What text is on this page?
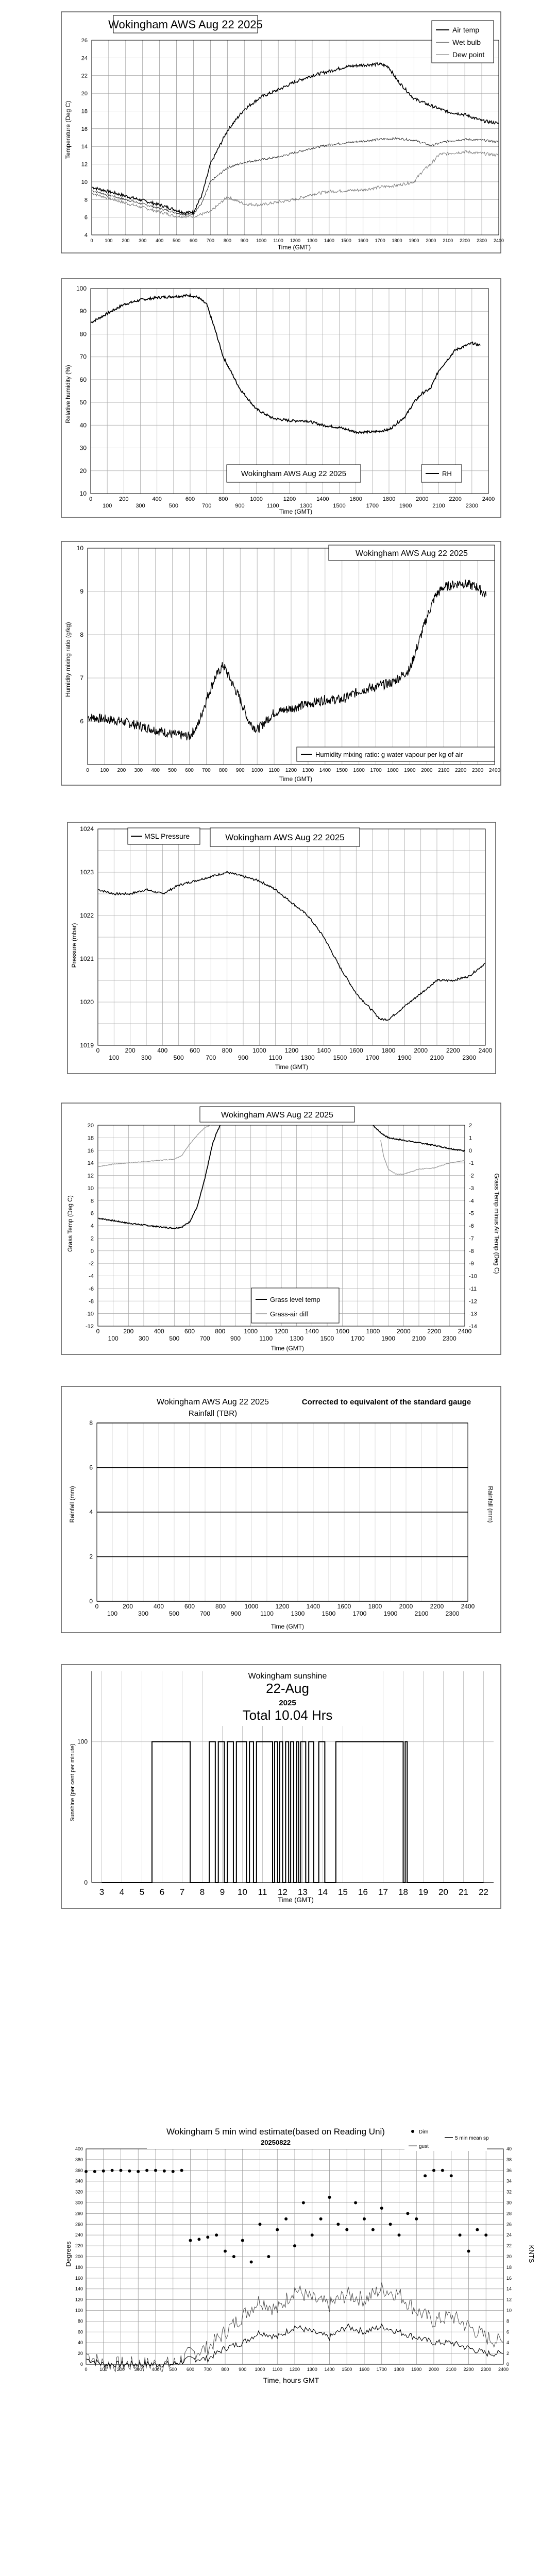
4
6
8
10
12
14
16
18
20
22
24
26
0	100 200 300 400 500 600 700 800 900 1000 1100 1200 1300 1400 1500 1600 1700 1800 1900 2000 2100 2200 2300 2400
Wokingham AWS Aug 22 2025
Temperature (Deg C)
Time (GMT)
Air temp
Wet bulb
Dew point
10
20
30
40
50
60
70
80
90
100
0	200	400	600	800	1000	1200	1400	1600	1800	2000	2200	2400
100	300	500	700	900	1100	1300	1500	1700	1900	2100	2300
Wokingham AWS Aug 22 2025	RH
Relative humidity (%)
Time (GMT)
6
7
8
9
10
0 100 200 300 400 500 600 700 800 900 1000 1100 1200 1300 1400 1500 1600 1700 1800 1900 2000 2100 2200 2300 2400
Wokingham AWS Aug 22 2025
Humidity mixing ratio: g water vapour per kg of air
Humidity mixing ratio (g/kg)
Time (GMT)
1019
1020
1021
1022
1023
1024
0	200	400	600	800	1000	1200	1400	1600	1800	2000	2200	2400
100	300	500	700	900	1100	1300	1500	1700	1900	2100	2300
MSL Pressure	Wokingham AWS Aug 22 2025
Pressure (mbar)
Time (GMT)
-12
-10
-8
-6
-4
-2
0
2
4
6
8
10
12
14
16
18
20
-14
-13
-12
-11
-10
-9
-8
-7
-6
-5
-4
-3
-2
-1
0
1
2
0	200	400	600	800	1000	1200	1400	1600	1800	2000	2200	2400
100	300	500	700	900	1100	1300	1500	1700	1900	2100	2300
Wokingham AWS Aug 22 2025
Grass level temp
Grass-air diff
Grass Temp (Deg C)	Grass Temp minus Air Temp (Deg C)
Time (GMT)
0
2
4
6
8
0	200	400	600	800	1000	1200	1400	1600	1800	2000	2200	2400
100	300	500	700	900	1100	1300	1500	1700	1900	2100	2300
Wokingham AWS Aug 22 2025
Rainfall (TBR)
Corrected to equivalent of the standard gauge
Rainfall (mm)	Rainfall (mm)
Time (GMT)
0
100
3 4 5 6 7 8 9 10 11 12 13 14 15 16 17 18 19 20 21 22
Wokingham sunshine
22-Aug
2025
Total 10.04 Hrs
Sunshine (per cent per minute)
Time (GMT)
0
20
40
60
80
100
120
140
160
180
200
220
240
260
280
300
320
340
360
380
400
0
2
4
6
8
10
12
14
16
18
20
22
24
26
28
30
32
34
36
38
40
0	100 200 300 400 500 600 700 800 900 1000 1100 1200 1300 1400 1500 1600 1700 1800 1900 2000 2100 2200 2300 2400
Wokingham 5 min wind estimate(based on Reading Uni)
20250822
Dirn
gust
5 min mean sp
Degrees	KNTS
Time, hours GMT
